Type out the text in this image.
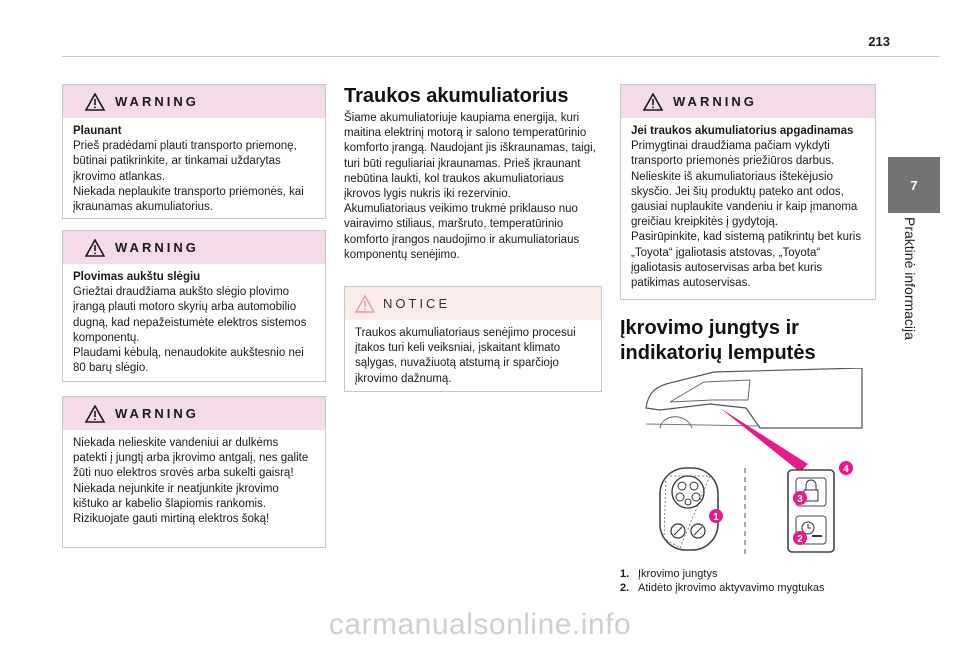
213
7
Praktinė informacija
WARNING
Plaunant

Prieš pradėdami plauti transporto priemonę, būtinai patikrinkite, ar tinkamai uždarytas įkrovimo atlankas.
Niekada neplaukite transporto priemonės, kai įkraunamas akumuliatorius.

WARNING
Plovimas aukštu slėgiu

Griežtai draudžiama aukšto slėgio plovimo įrangą plauti motoro skyrių arba automobilio dugną, kad nepažeistumėte elektros sistemos komponentų.
Plaudami kėbulą, nenaudokite aukštesnio nei 80 barų slėgio.

WARNING

Niekada nelieskite vandeniui ar dulkėms patekti į jungtį arba įkrovimo antgalį, nes galite žūti nuo elektros srovės arba sukelti gaisrą!
Niekada nejunkite ir neatjunkite įkrovimo kištuko ar kabelio šlapiomis rankomis. Rizikuojate gauti mirtiną elektros šoką!

Traukos akumuliatorius
Šiame akumuliatoriuje kaupiama energija, kuri maitina elektrinį motorą ir salono temperatūrinio komforto įrangą. Naudojant jis iškraunamas, taigi, turi būti reguliariai įkraunamas. Prieš įkraunant nebūtina laukti, kol traukos akumuliatoriaus įkrovos lygis nukris iki rezervinio.
Akumuliatoriaus veikimo trukmė priklauso nuo vairavimo stiliaus, maršruto, temperatūrinio komforto įrangos naudojimo ir akumuliatoriaus komponentų senėjimo.
NOTICE

Traukos akumuliatoriaus senėjimo procesui įtakos turi keli veiksniai, įskaitant klimato sąlygas, nuvažiuotą atstumą ir sparčiojo įkrovimo dažnumą.

WARNING
Jei traukos akumuliatorius apgadinamas

Primygtinai draudžiama pačiam vykdyti transporto priemonės priežiūros darbus. Nelieskite iš akumuliatoriaus ištekėjusio skysčio. Jei šių produktų pateko ant odos, gausiai nuplaukite vandeniu ir kaip įmanoma greičiau kreipkitės į gydytoją.
Pasirūpinkite, kad sistemą patikrintų bet kuris „Toyota“ įgaliotasis atstovas, „Toyota“ įgaliotasis autoservisas arba bet kuris patikimas autoservisas.

Įkrovimo jungtys ir indikatorių lemputės
1
2
3
4
1. Įkrovimo jungtys
2. Atidėto įkrovimo aktyvavimo mygtukas
carmanualsonline.info
